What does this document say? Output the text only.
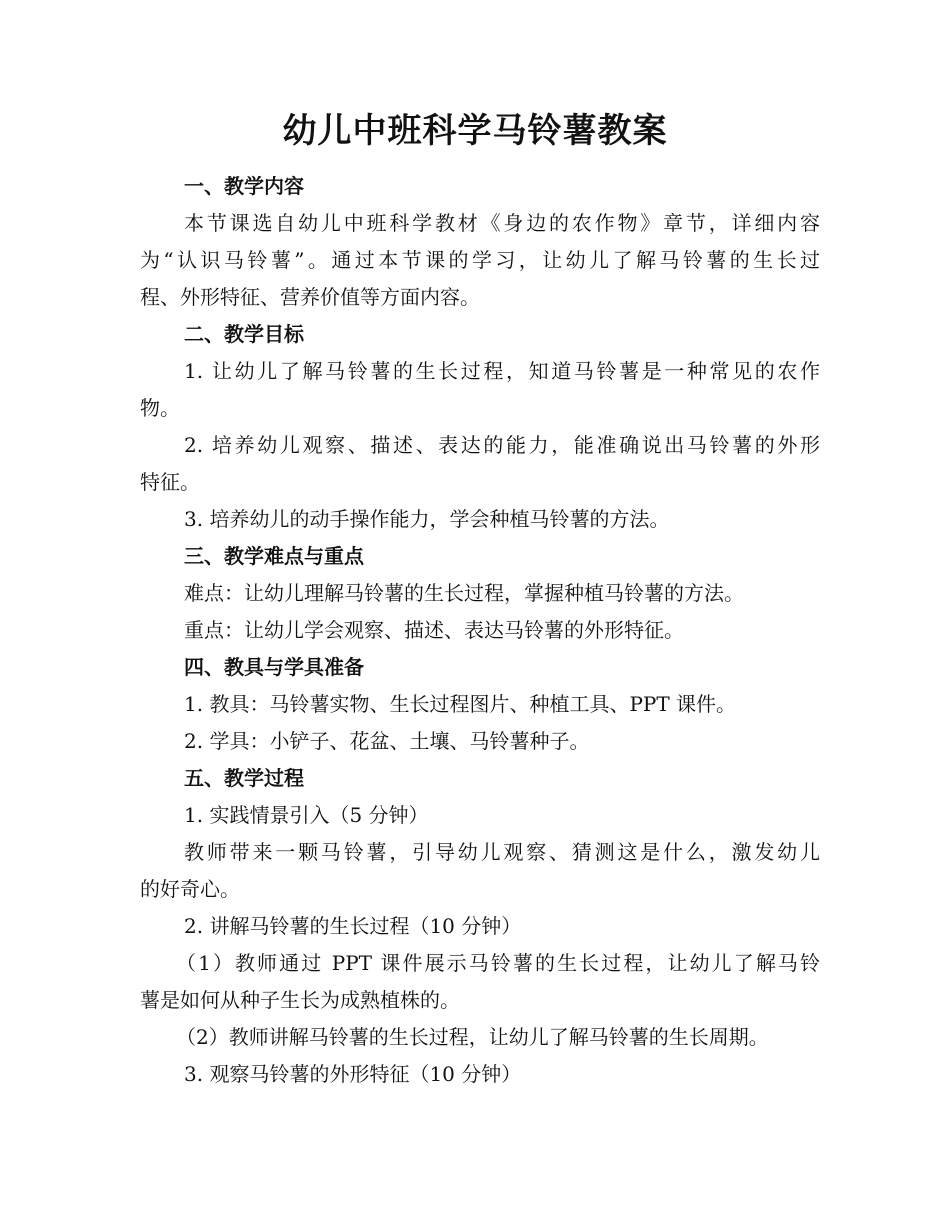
幼儿中班科学马铃薯教案
一、教学内容

本节课选自幼儿中班科学教材《身边的农作物》章节，详细内容

为“认识马铃薯”。通过本节课的学习，让幼儿了解马铃薯的生长过

程、外形特征、营养价值等方面内容。

二、教学目标

1. 让幼儿了解马铃薯的生长过程，知道马铃薯是一种常见的农作

物。

2. 培养幼儿观察、描述、表达的能力，能准确说出马铃薯的外形

特征。

3. 培养幼儿的动手操作能力，学会种植马铃薯的方法。

三、教学难点与重点

难点：让幼儿理解马铃薯的生长过程，掌握种植马铃薯的方法。

重点：让幼儿学会观察、描述、表达马铃薯的外形特征。

四、教具与学具准备

1. 教具：马铃薯实物、生长过程图片、种植工具、PPT 课件。

2. 学具：小铲子、花盆、土壤、马铃薯种子。

五、教学过程

1. 实践情景引入（5 分钟）

教师带来一颗马铃薯，引导幼儿观察、猜测这是什么，激发幼儿

的好奇心。

2. 讲解马铃薯的生长过程（10 分钟）

（1）教师通过 PPT 课件展示马铃薯的生长过程，让幼儿了解马铃

薯是如何从种子生长为成熟植株的。

（2）教师讲解马铃薯的生长过程，让幼儿了解马铃薯的生长周期。

3. 观察马铃薯的外形特征（10 分钟）
